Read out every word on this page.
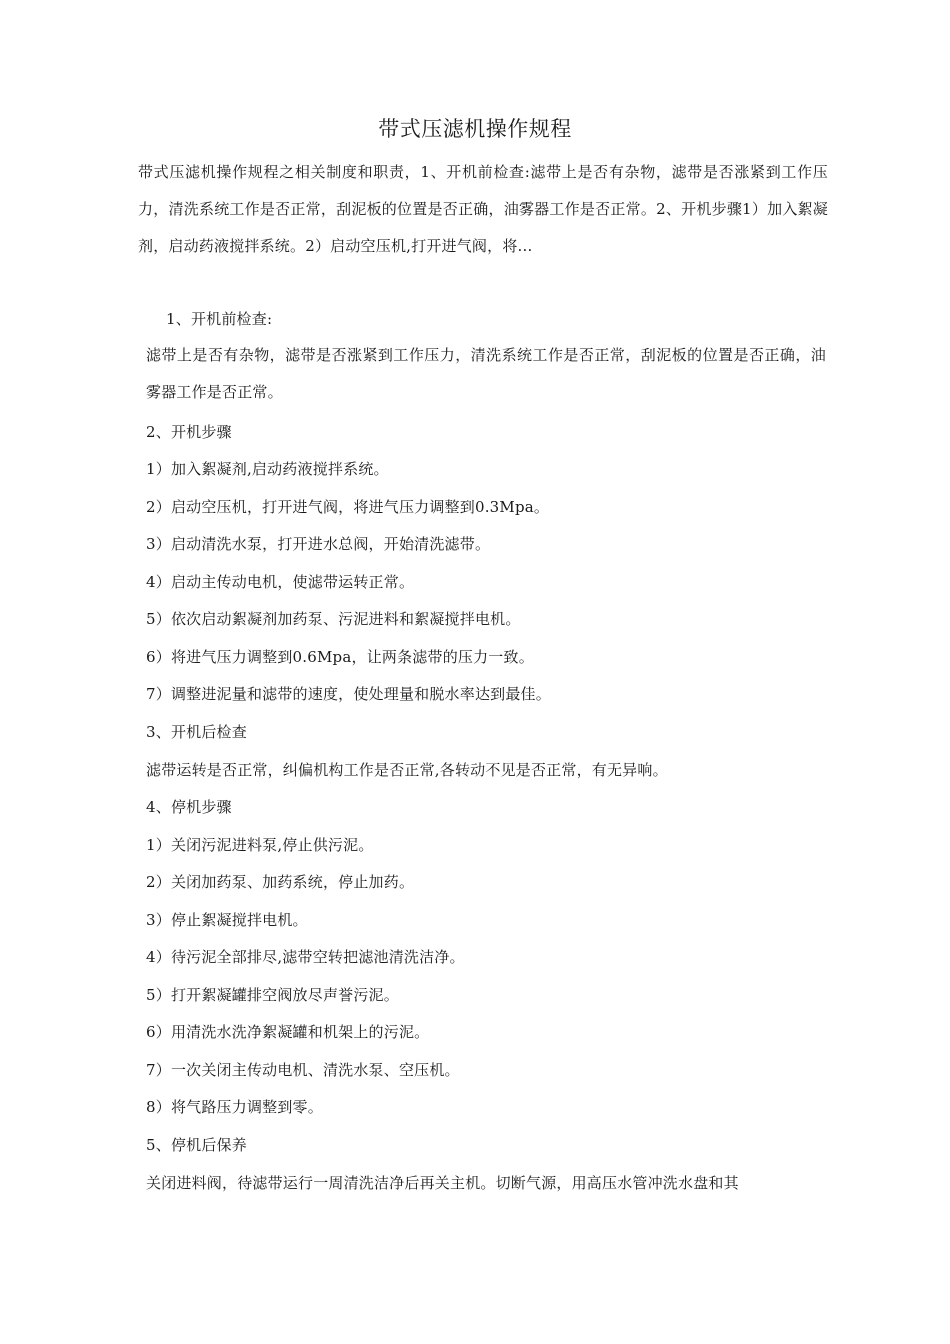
带式压滤机操作规程
带式压滤机操作规程之相关制度和职责，1、开机前检查:滤带上是否有杂物，滤带是否涨紧到工作压力，清洗系统工作是否正常，刮泥板的位置是否正确，油雾器工作是否正常。2、开机步骤1）加入絮凝剂，启动药液搅拌系统。2）启动空压机,打开进气阀，将...
1、开机前检查:
滤带上是否有杂物，滤带是否涨紧到工作压力，清洗系统工作是否正常，刮泥板的位置是否正确，油雾器工作是否正常。
2、开机步骤
1）加入絮凝剂,启动药液搅拌系统。
2）启动空压机，打开进气阀，将进气压力调整到0.3Mpa。
3）启动清洗水泵，打开进水总阀，开始清洗滤带。
4）启动主传动电机，使滤带运转正常。
5）依次启动絮凝剂加药泵、污泥进料和絮凝搅拌电机。
6）将进气压力调整到0.6Mpa，让两条滤带的压力一致。
7）调整进泥量和滤带的速度，使处理量和脱水率达到最佳。
3、开机后检查
滤带运转是否正常，纠偏机构工作是否正常,各转动不见是否正常，有无异响。
4、停机步骤
1）关闭污泥进料泵,停止供污泥。
2）关闭加药泵、加药系统，停止加药。
3）停止絮凝搅拌电机。
4）待污泥全部排尽,滤带空转把滤池清洗洁净。
5）打开絮凝罐排空阀放尽声誉污泥。
6）用清洗水洗净絮凝罐和机架上的污泥。
7）一次关闭主传动电机、清洗水泵、空压机。
8）将气路压力调整到零。
5、停机后保养
关闭进料阀，待滤带运行一周清洗洁净后再关主机。切断气源，用高压水管冲洗水盘和其
